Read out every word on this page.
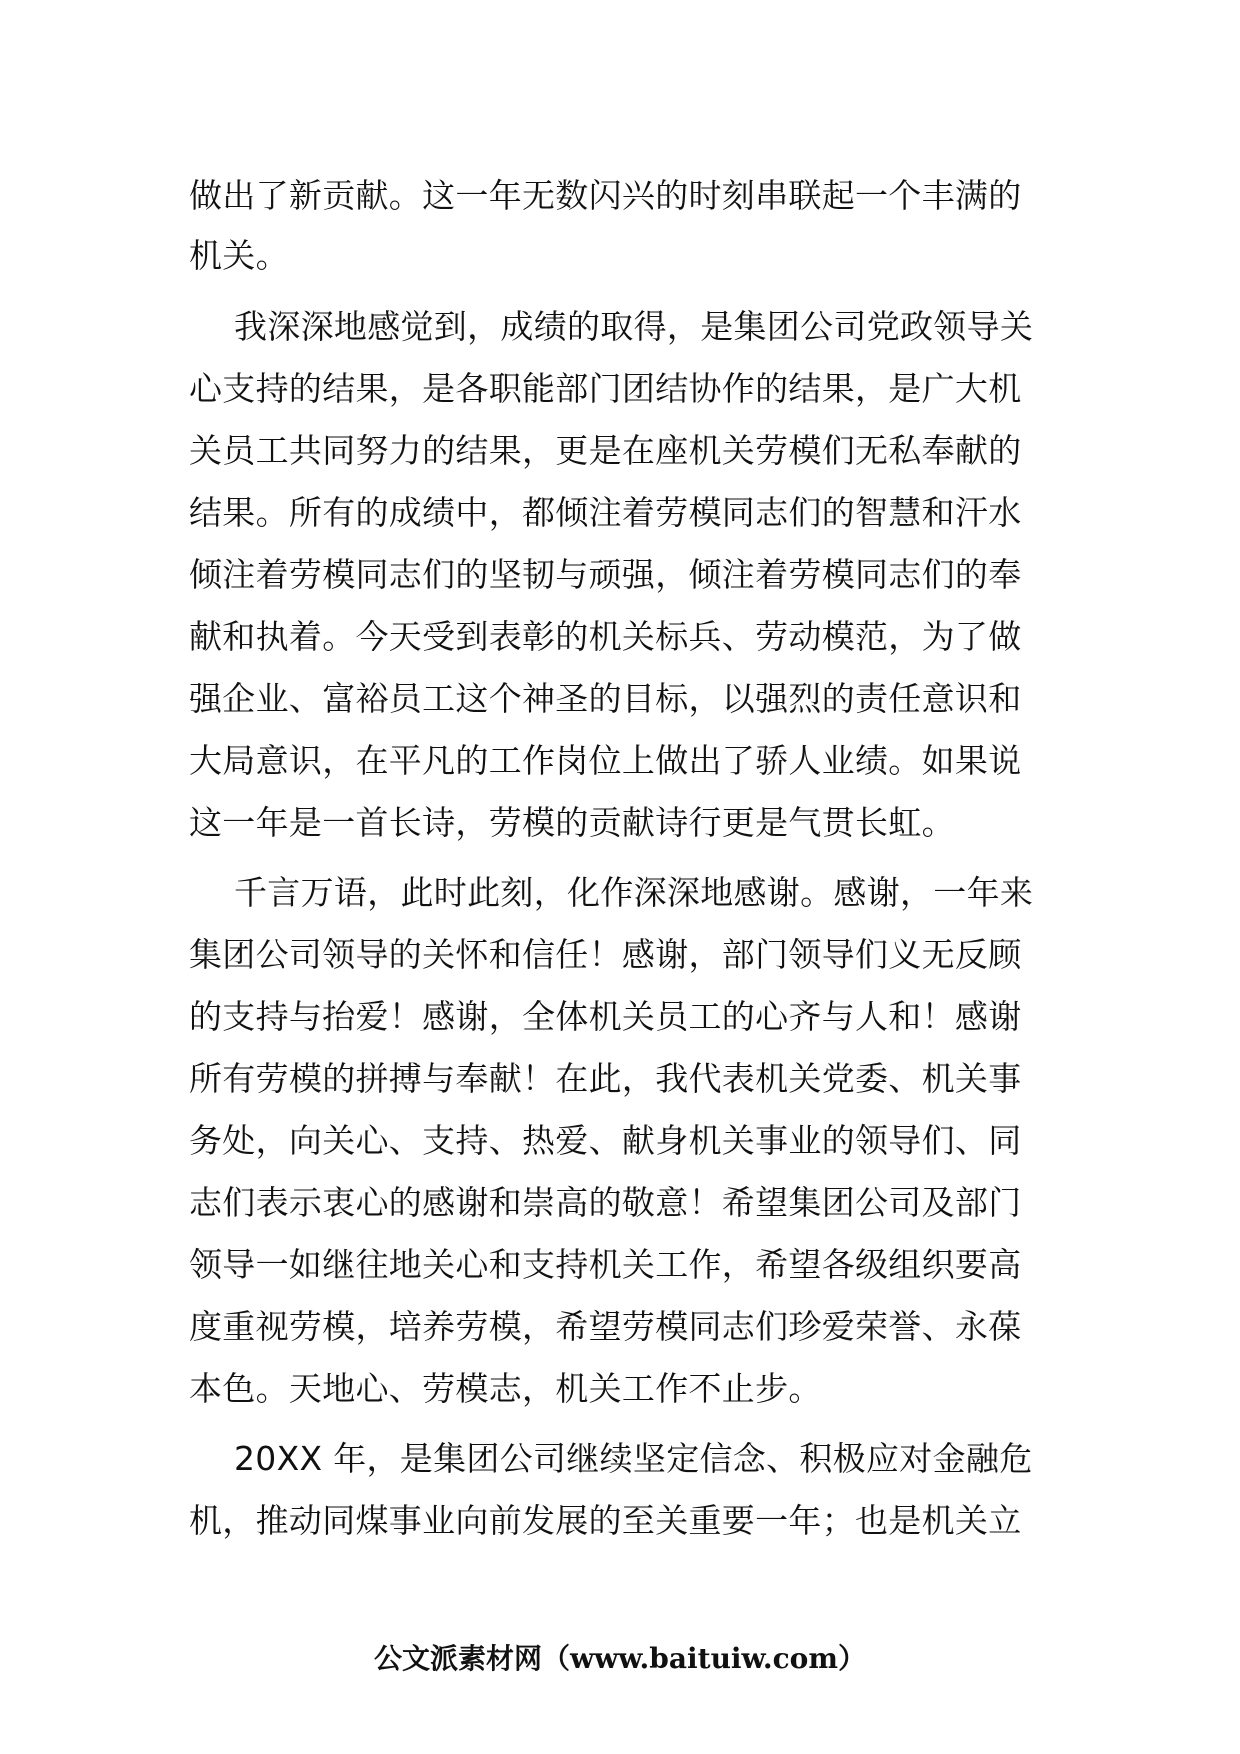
做出了新贡献。这一年无数闪兴的时刻串联起一个丰满的
机关。
我深深地感觉到，成绩的取得，是集团公司党政领导关
心支持的结果，是各职能部门团结协作的结果，是广大机
关员工共同努力的结果，更是在座机关劳模们无私奉献的
结果。所有的成绩中，都倾注着劳模同志们的智慧和汗水
倾注着劳模同志们的坚韧与顽强，倾注着劳模同志们的奉
献和执着。今天受到表彰的机关标兵、劳动模范，为了做
强企业、富裕员工这个神圣的目标，以强烈的责任意识和
大局意识，在平凡的工作岗位上做出了骄人业绩。如果说
这一年是一首长诗，劳模的贡献诗行更是气贯长虹。
千言万语，此时此刻，化作深深地感谢。感谢，一年来
集团公司领导的关怀和信任！感谢，部门领导们义无反顾
的支持与抬爱！感谢，全体机关员工的心齐与人和！感谢
所有劳模的拼搏与奉献！在此，我代表机关党委、机关事
务处，向关心、支持、热爱、献身机关事业的领导们、同
志们表示衷心的感谢和崇高的敬意！希望集团公司及部门
领导一如继往地关心和支持机关工作，希望各级组织要高
度重视劳模，培养劳模，希望劳模同志们珍爱荣誉、永葆
本色。天地心、劳模志，机关工作不止步。
20XX 年，是集团公司继续坚定信念、积极应对金融危
机，推动同煤事业向前发展的至关重要一年；也是机关立
公文派素材网（www.baituiw.com）
